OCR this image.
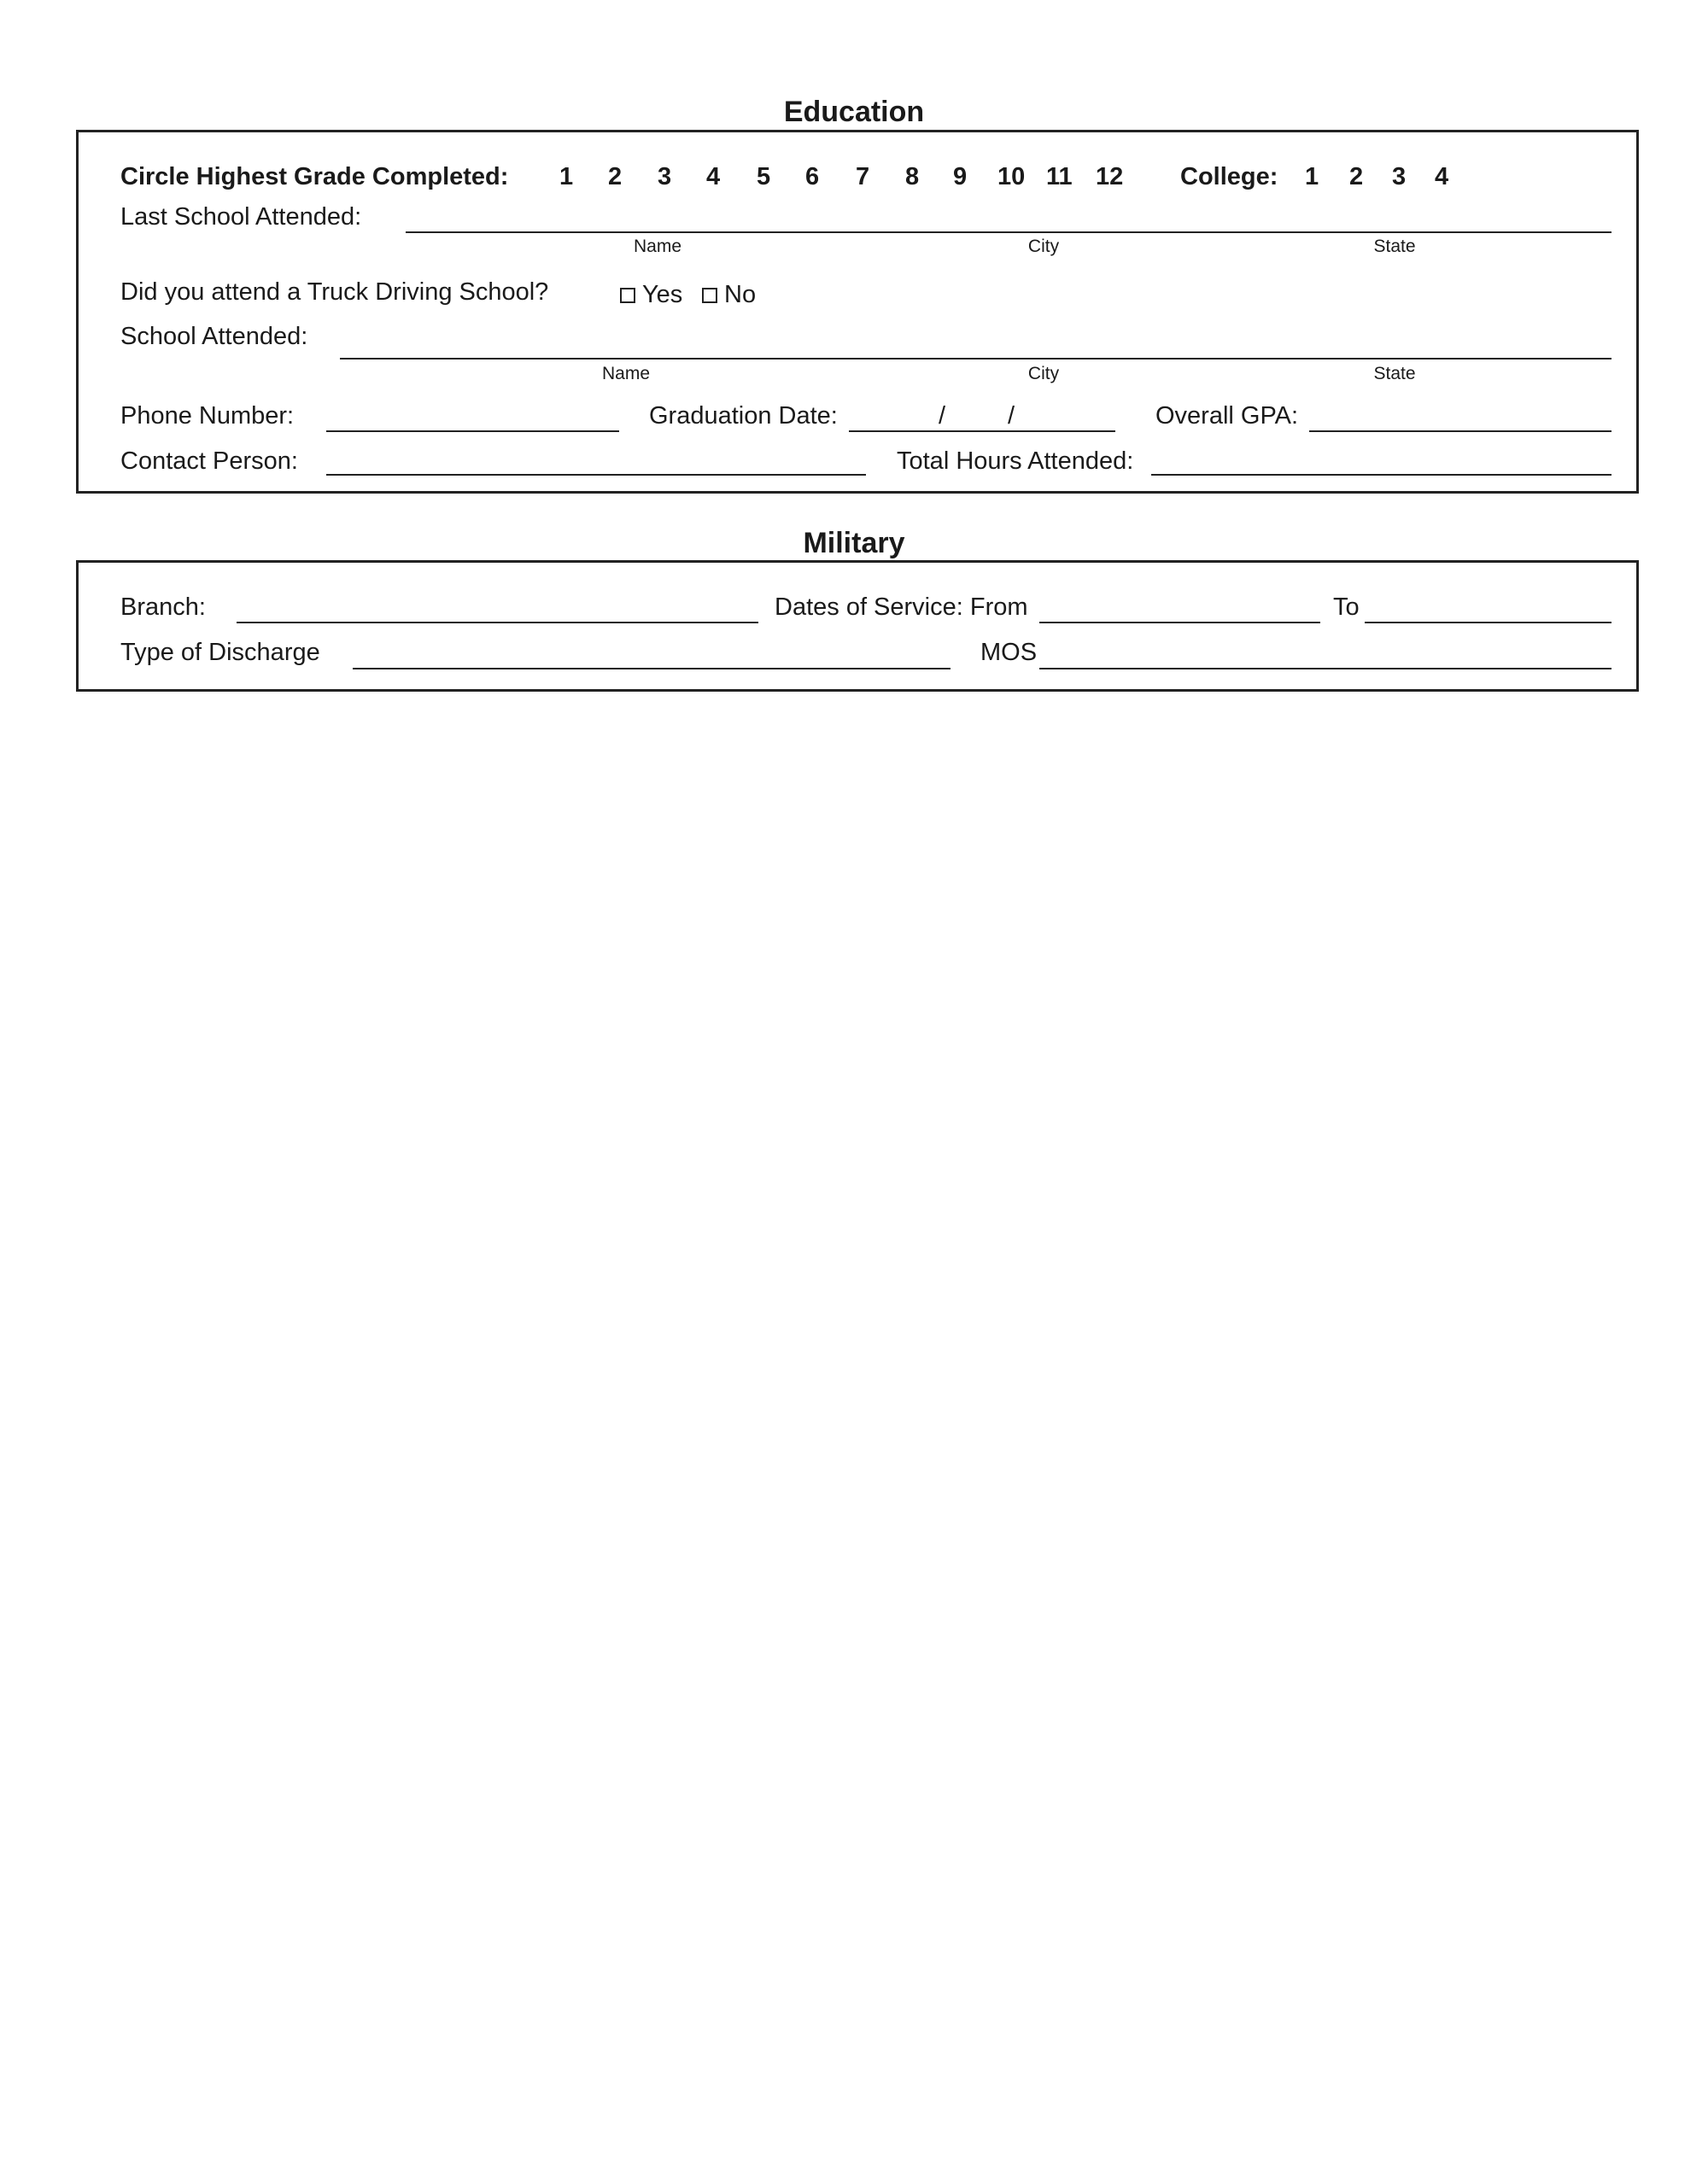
Education
Circle Highest Grade Completed: 1 2 3 4 5 6 7 8 9 10 11 12 College: 1 2 3 4
Last School Attended:
Name	City	State
Did you attend a Truck Driving School?	Yes	No
School Attended:
Name	City	State
Phone Number:	Graduation Date:	/	/	Overall GPA:
Contact Person:	Total Hours Attended:
Military
Branch:	Dates of Service: From	To
Type of Discharge	MOS
